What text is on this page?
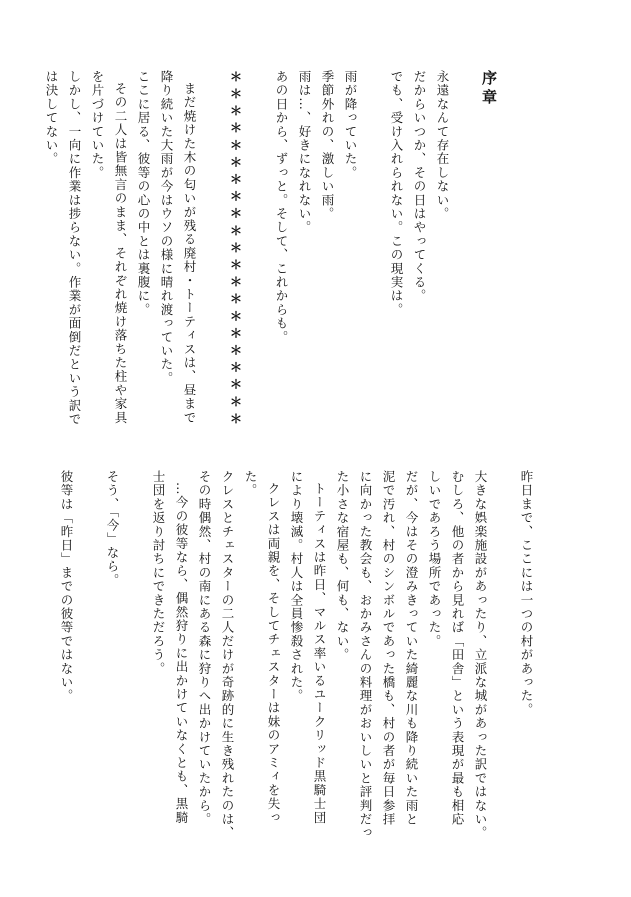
序章
永遠なんて存在しない。
だからいつか、その日はやってくる。
でも、受け入れられない。この現実は。
雨が降っていた。
季節外れの、激しい雨。
雨は…、好きになれない。
あの日から、ずっと。そして、これからも。
＊＊＊＊＊＊＊＊＊＊＊＊＊＊＊＊＊＊＊＊＊
まだ焼けた木の匂いが残る廃村・トーティスは、昼まで
降り続いた大雨が今はウソの様に晴れ渡っていた。
ここに居る、彼等の心の中とは裏腹に。
その二人は皆無言のまま、それぞれ焼け落ちた柱や家具
を片づけていた。
しかし、一向に作業は捗らない。作業が面倒だという訳で
は決してない。
昨日まで、ここには一つの村があった。
大きな娯楽施設があったり、立派な城があった訳ではない。
むしろ、他の者から見れば「田舎」という表現が最も相応
しいであろう場所であった。
だが、今はその澄みきっていた綺麗な川も降り続いた雨と
泥で汚れ、村のシンボルであった橋も、村の者が毎日参拝
に向かった教会も、おかみさんの料理がおいしいと評判だっ
た小さな宿屋も、何も、ない。
トーティスは昨日、マルス率いるユークリッド黒騎士団
により壊滅。村人は全員惨殺された。
クレスは両親を、そしてチェスターは妹のアミィを失っ
た。
クレスとチェスターの二人だけが奇跡的に生き残れたのは、
その時偶然、村の南にある森に狩りへ出かけていたから。
…今の彼等なら、偶然狩りに出かけていなくとも、黒騎
士団を返り討ちにできただろう。
そう、「今」なら。
彼等は「昨日」までの彼等ではない。
